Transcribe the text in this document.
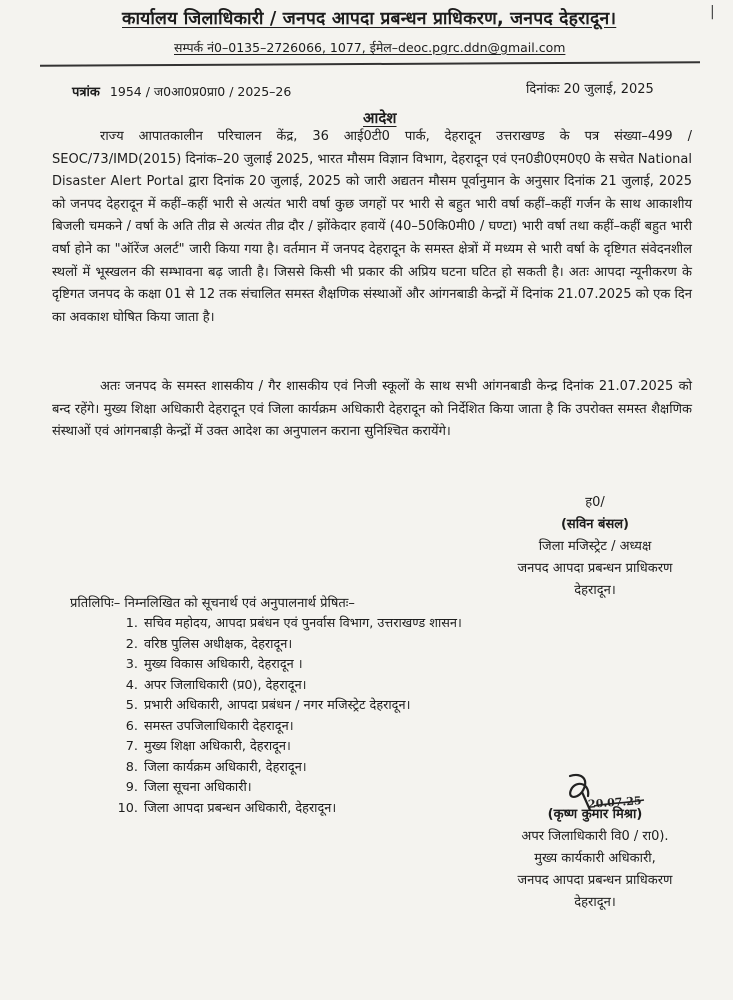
कार्यालय जिलाधिकारी / जनपद आपदा प्रबन्धन प्राधिकरण, जनपद देहरादून।	|
सम्पर्क नं0–0135–2726066, 1077, ईमेल–deoc.pgrc.ddn@gmail.com
पत्रांक 1954 / ज0आ0प्र0प्रा0 / 2025–26	दिनांकः 20 जुलाई, 2025
आदेश

राज्य आपातकालीन परिचालन केंद्र, 36 आई0टी0 पार्क, देहरादून उत्तराखण्ड के पत्र संख्या–499 / SEOC/73/IMD(2015) दिनांक–20 जुलाई 2025, भारत मौसम विज्ञान विभाग, देहरादून एवं एन0डी0एम0ए0 के सचेत National Disaster Alert Portal द्वारा दिनांक 20 जुलाई, 2025 को जारी अद्यतन मौसम पूर्वानुमान के अनुसार दिनांक 21 जुलाई, 2025 को जनपद देहरादून में कहीं–कहीं भारी से अत्यंत भारी वर्षा कुछ जगहों पर भारी से बहुत भारी वर्षा कहीं–कहीं गर्जन के साथ आकाशीय बिजली चमकने / वर्षा के अति तीव्र से अत्यंत तीव्र दौर / झोंकेदार हवायें (40–50कि0मी0 / घण्टा) भारी वर्षा तथा कहीं–कहीं बहुत भारी वर्षा होने का "ऑरेंज अलर्ट" जारी किया गया है। वर्तमान में जनपद देहरादून के समस्त क्षेत्रों में मध्यम से भारी वर्षा के दृष्टिगत संवेदनशील स्थलों में भूस्खलन की सम्भावना बढ़ जाती है। जिससे किसी भी प्रकार की अप्रिय घटना घटित हो सकती है। अतः आपदा न्यूनीकरण के दृष्टिगत जनपद के कक्षा 01 से 12 तक संचालित समस्त शैक्षणिक संस्थाओं और आंगनबाडी केन्द्रों में दिनांक 21.07.2025 को एक दिन का अवकाश घोषित किया जाता है।

अतः जनपद के समस्त शासकीय / गैर शासकीय एवं निजी स्कूलों के साथ सभी आंगनबाडी केन्द्र दिनांक 21.07.2025 को बन्द रहेंगे। मुख्य शिक्षा अधिकारी देहरादून एवं जिला कार्यक्रम अधिकारी देहरादून को निर्देशित किया जाता है कि उपरोक्त समस्त शैक्षणिक संस्थाओं एवं आंगनबाड़ी केन्द्रों में उक्त आदेश का अनुपालन कराना सुनिश्चित करायेंगे।

ह0/
(सविन बंसल)
जिला मजिस्ट्रेट / अध्यक्ष
जनपद आपदा प्रबन्धन प्राधिकरण
देहरादून।
प्रतिलिपिः– निम्नलिखित को सूचनार्थ एवं अनुपालनार्थ प्रेषितः–
1. सचिव महोदय, आपदा प्रबंधन एवं पुनर्वास विभाग, उत्तराखण्ड शासन।
2. वरिष्ठ पुलिस अधीक्षक, देहरादून।
3. मुख्य विकास अधिकारी, देहरादून ।
4. अपर जिलाधिकारी (प्र0), देहरादून।
5. प्रभारी अधिकारी, आपदा प्रबंधन / नगर मजिस्ट्रेट देहरादून।
6. समस्त उपजिलाधिकारी देहरादून।
7. मुख्य शिक्षा अधिकारी, देहरादून।
8. जिला कार्यक्रम अधिकारी, देहरादून।
9. जिला सूचना अधिकारी।
10. जिला आपदा प्रबन्धन अधिकारी, देहरादून।	20.07.25
(कृष्ण कुमार मिश्रा)
अपर जिलाधिकारी वि0 / रा0).
मुख्य कार्यकारी अधिकारी,
जनपद आपदा प्रबन्धन प्राधिकरण
देहरादून।
